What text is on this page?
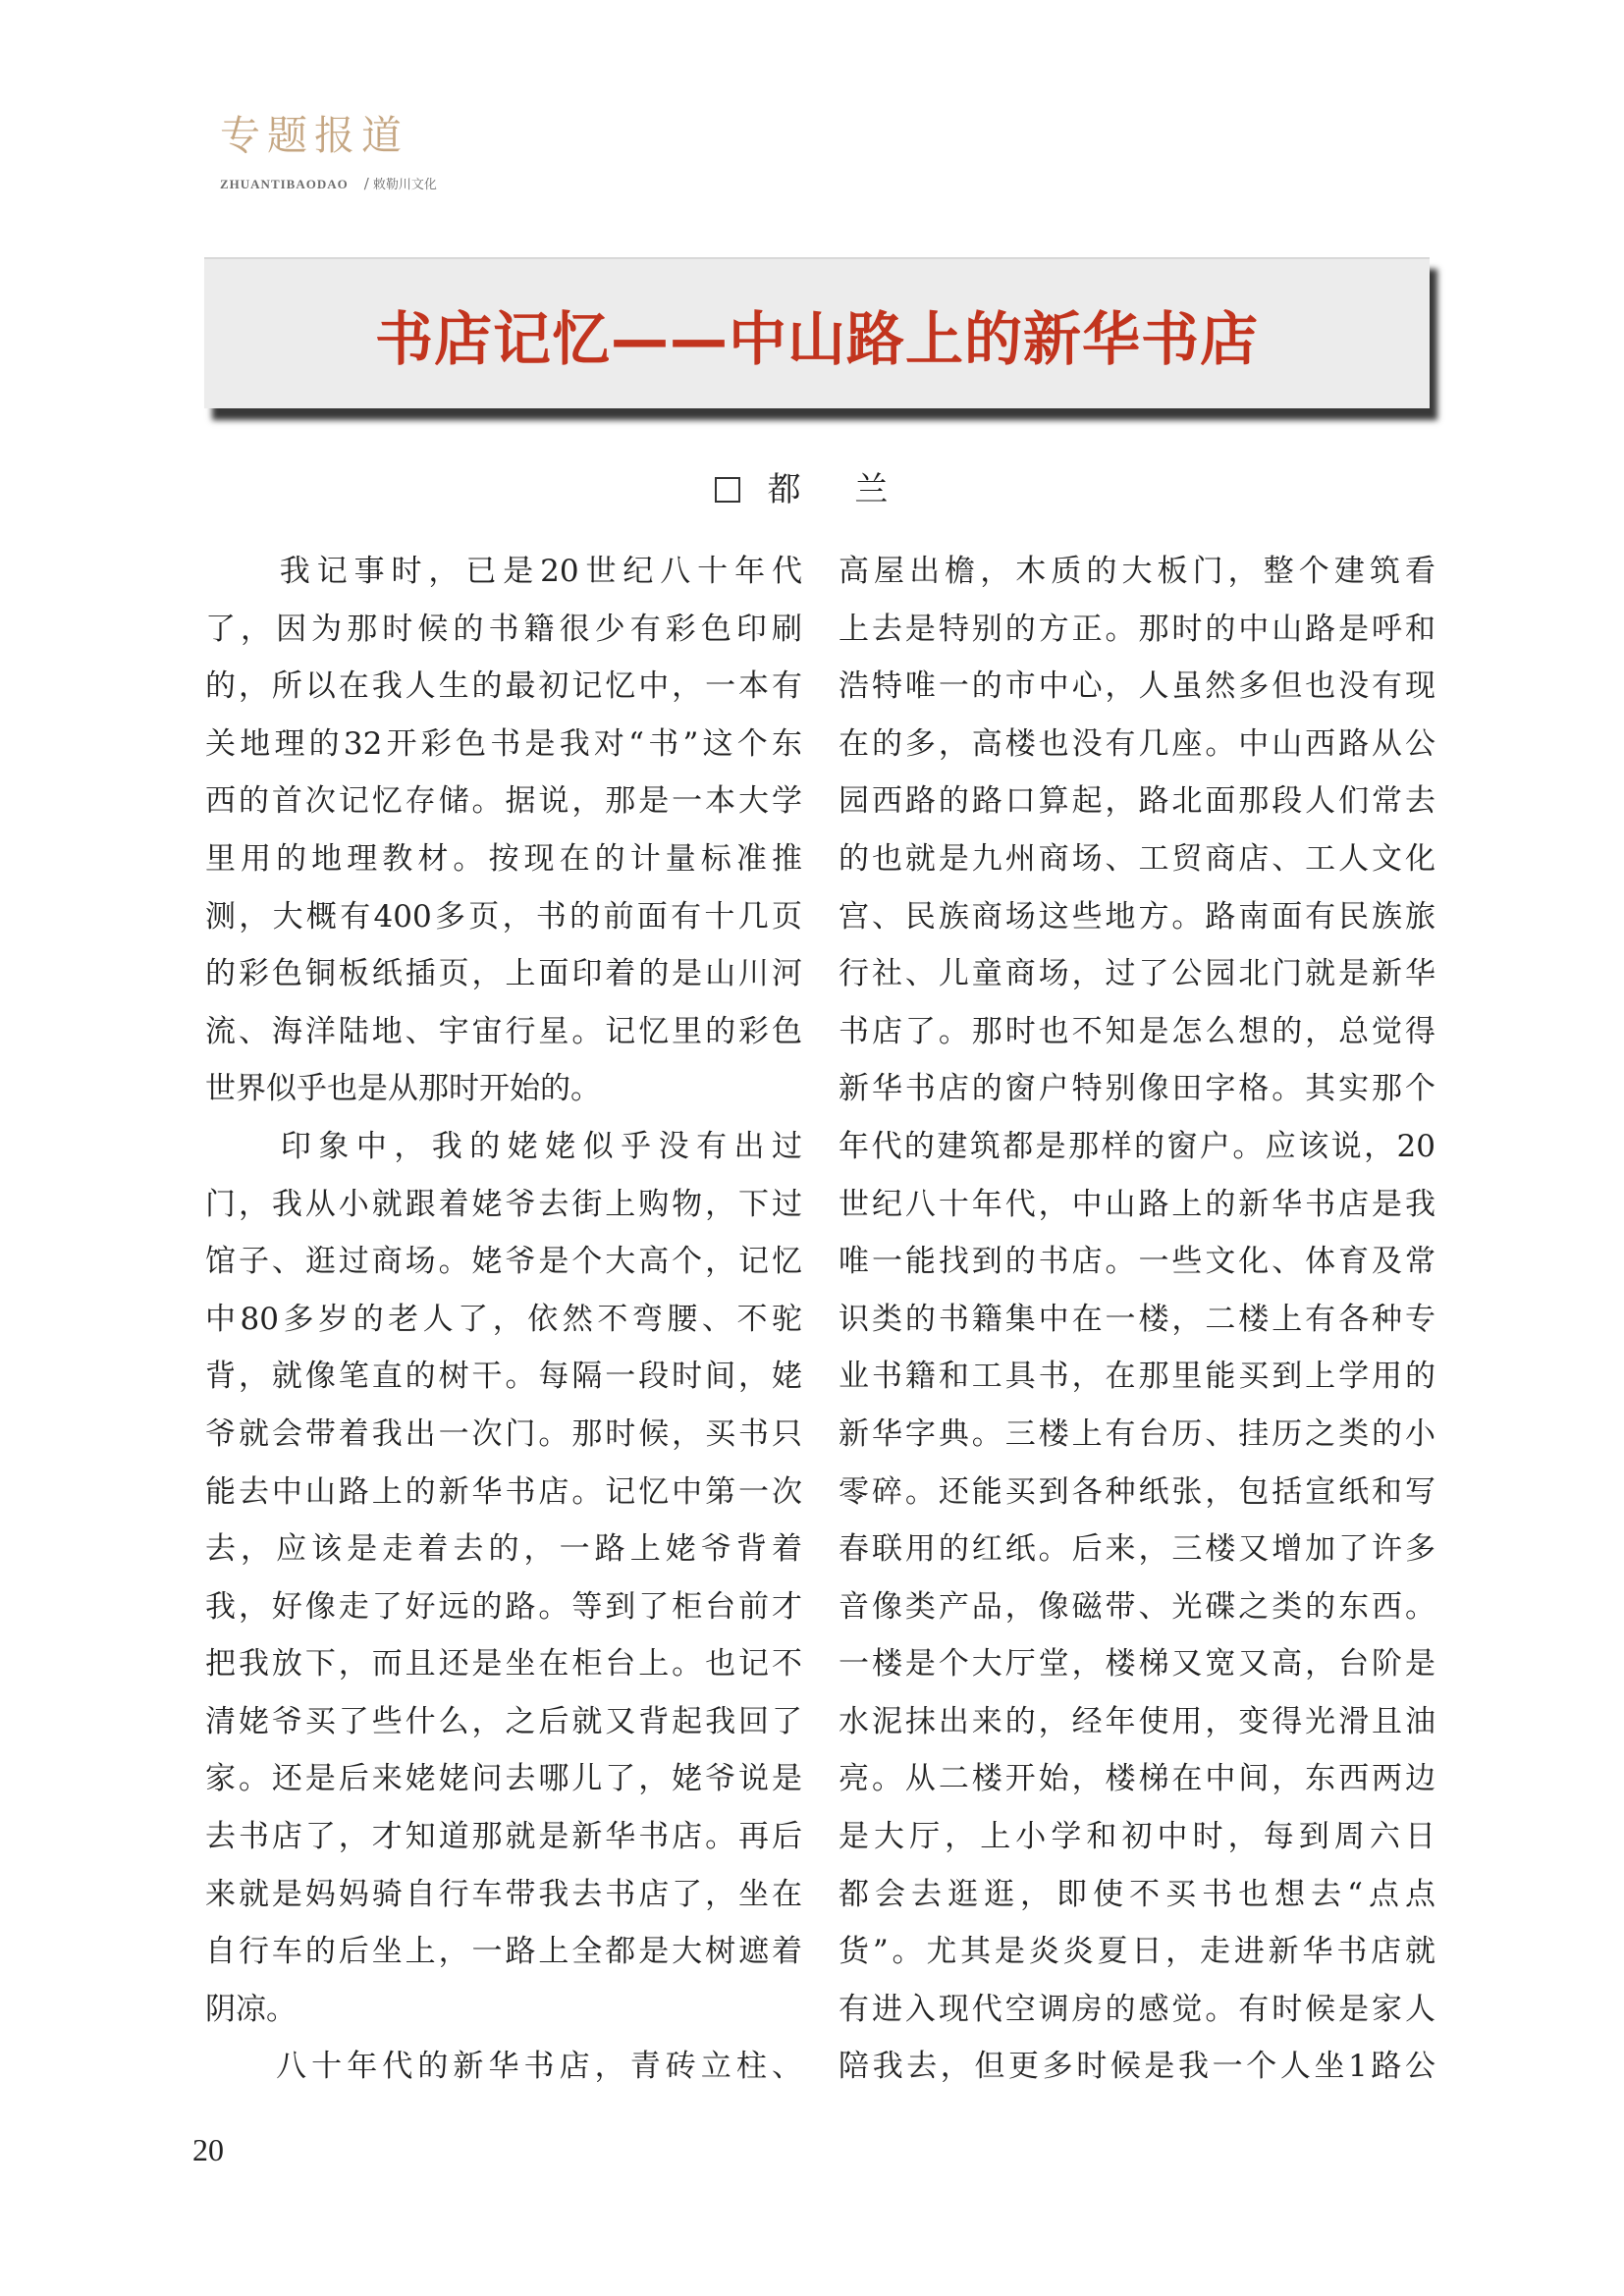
专题报道
ZHUANTIBAODAO / 敕勒川文化
书店记忆——中山路上的新华书店
都 兰
　　我记事时，已是20世纪八十年代
了，因为那时候的书籍很少有彩色印刷
的，所以在我人生的最初记忆中，一本有
关地理的32开彩色书是我对“书”这个东
西的首次记忆存储。据说，那是一本大学
里用的地理教材。按现在的计量标准推
测，大概有400多页，书的前面有十几页
的彩色铜板纸插页，上面印着的是山川河
流、海洋陆地、宇宙行星。记忆里的彩色
世界似乎也是从那时开始的。
　　印象中，我的姥姥似乎没有出过
门，我从小就跟着姥爷去街上购物，下过
馆子、逛过商场。姥爷是个大高个，记忆
中80多岁的老人了，依然不弯腰、不驼
背，就像笔直的树干。每隔一段时间，姥
爷就会带着我出一次门。那时候，买书只
能去中山路上的新华书店。记忆中第一次
去，应该是走着去的，一路上姥爷背着
我，好像走了好远的路。等到了柜台前才
把我放下，而且还是坐在柜台上。也记不
清姥爷买了些什么，之后就又背起我回了
家。还是后来姥姥问去哪儿了，姥爷说是
去书店了，才知道那就是新华书店。再后
来就是妈妈骑自行车带我去书店了，坐在
自行车的后坐上，一路上全都是大树遮着
阴凉。
　　八十年代的新华书店，青砖立柱、
高屋出檐，木质的大板门，整个建筑看
上去是特别的方正。那时的中山路是呼和
浩特唯一的市中心，人虽然多但也没有现
在的多，高楼也没有几座。中山西路从公
园西路的路口算起，路北面那段人们常去
的也就是九州商场、工贸商店、工人文化
宫、民族商场这些地方。路南面有民族旅
行社、儿童商场，过了公园北门就是新华
书店了。那时也不知是怎么想的，总觉得
新华书店的窗户特别像田字格。其实那个
年代的建筑都是那样的窗户。应该说，20
世纪八十年代，中山路上的新华书店是我
唯一能找到的书店。一些文化、体育及常
识类的书籍集中在一楼，二楼上有各种专
业书籍和工具书，在那里能买到上学用的
新华字典。三楼上有台历、挂历之类的小
零碎。还能买到各种纸张，包括宣纸和写
春联用的红纸。后来，三楼又增加了许多
音像类产品，像磁带、光碟之类的东西。
一楼是个大厅堂，楼梯又宽又高，台阶是
水泥抹出来的，经年使用，变得光滑且油
亮。从二楼开始，楼梯在中间，东西两边
是大厅，上小学和初中时，每到周六日
都会去逛逛，即使不买书也想去“点点
货”。尤其是炎炎夏日，走进新华书店就
有进入现代空调房的感觉。有时候是家人
陪我去，但更多时候是我一个人坐1路公
20
